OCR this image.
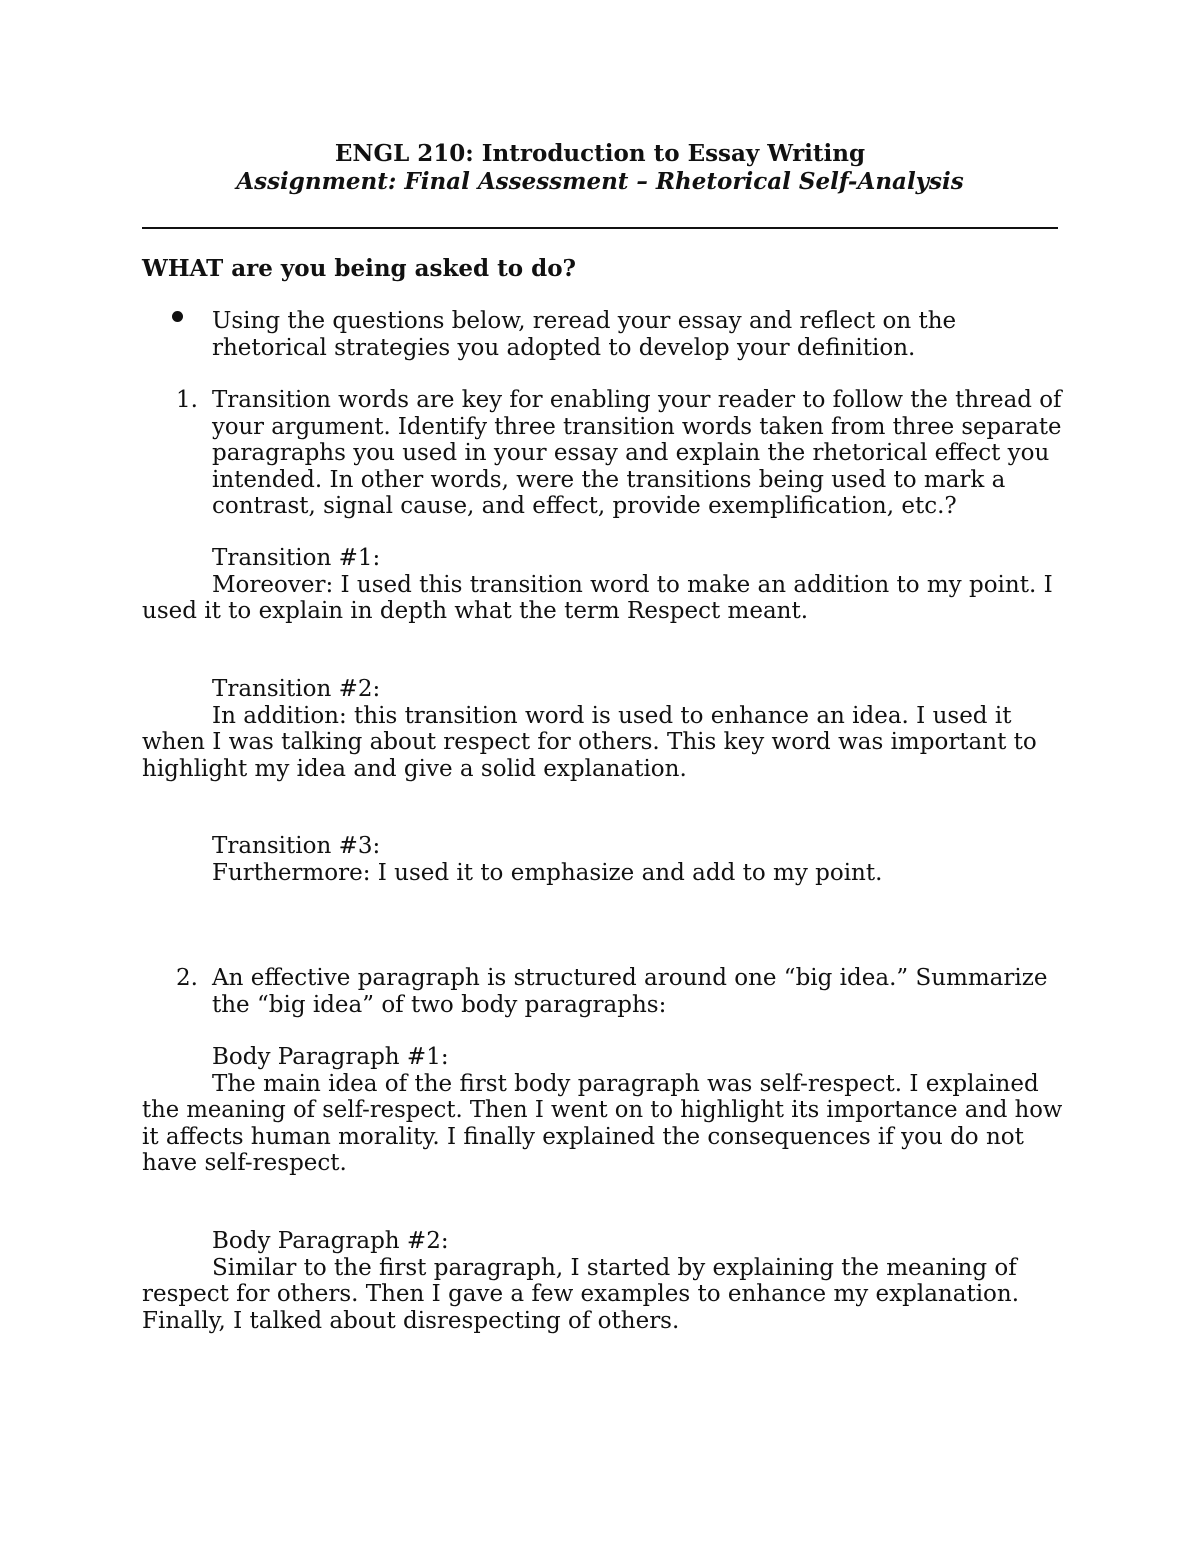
ENGL 210: Introduction to Essay Writing
Assignment: Final Assessment – Rhetorical Self-Analysis
WHAT are you being asked to do?
Using the questions below, reread your essay and reflect on the
rhetorical strategies you adopted to develop your definition.
1. Transition words are key for enabling your reader to follow the thread of
your argument. Identify three transition words taken from three separate
paragraphs you used in your essay and explain the rhetorical effect you
intended. In other words, were the transitions being used to mark a
contrast, signal cause, and effect, provide exemplification, etc.?
Transition #1:
Moreover: I used this transition word to make an addition to my point. I
used it to explain in depth what the term Respect meant.
Transition #2:
In addition: this transition word is used to enhance an idea. I used it
when I was talking about respect for others. This key word was important to
highlight my idea and give a solid explanation.
Transition #3:
Furthermore: I used it to emphasize and add to my point.
2. An effective paragraph is structured around one “big idea.” Summarize
the “big idea” of two body paragraphs:
Body Paragraph #1:
The main idea of the first body paragraph was self-respect. I explained
the meaning of self-respect. Then I went on to highlight its importance and how
it affects human morality. I finally explained the consequences if you do not
have self-respect.
Body Paragraph #2:
Similar to the first paragraph, I started by explaining the meaning of
respect for others. Then I gave a few examples to enhance my explanation.
Finally, I talked about disrespecting of others.
